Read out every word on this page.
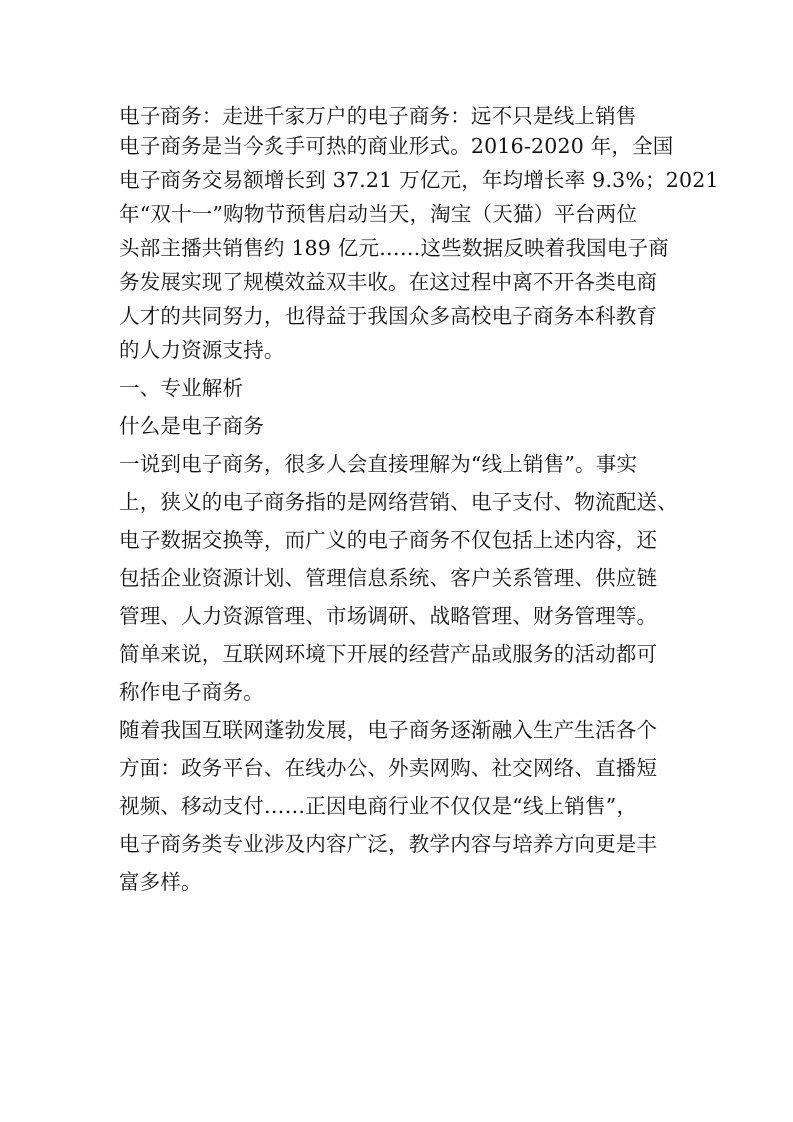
电子商务：走进千家万户的电子商务：远不只是线上销售
电子商务是当今炙手可热的商业形式。2016-2020 年，全国
电子商务交易额增长到 37.21 万亿元，年均增长率 9.3%；2021
年“双十一”购物节预售启动当天，淘宝（天猫）平台两位
头部主播共销售约 189 亿元……这些数据反映着我国电子商
务发展实现了规模效益双丰收。在这过程中离不开各类电商
人才的共同努力，也得益于我国众多高校电子商务本科教育
的人力资源支持。
一、专业解析
什么是电子商务
一说到电子商务，很多人会直接理解为“线上销售”。事实
上，狭义的电子商务指的是网络营销、电子支付、物流配送、
电子数据交换等，而广义的电子商务不仅包括上述内容，还
包括企业资源计划、管理信息系统、客户关系管理、供应链
管理、人力资源管理、市场调研、战略管理、财务管理等。
简单来说，互联网环境下开展的经营产品或服务的活动都可
称作电子商务。
随着我国互联网蓬勃发展，电子商务逐渐融入生产生活各个
方面：政务平台、在线办公、外卖网购、社交网络、直播短
视频、移动支付……正因电商行业不仅仅是“线上销售”，
电子商务类专业涉及内容广泛，教学内容与培养方向更是丰
富多样。
